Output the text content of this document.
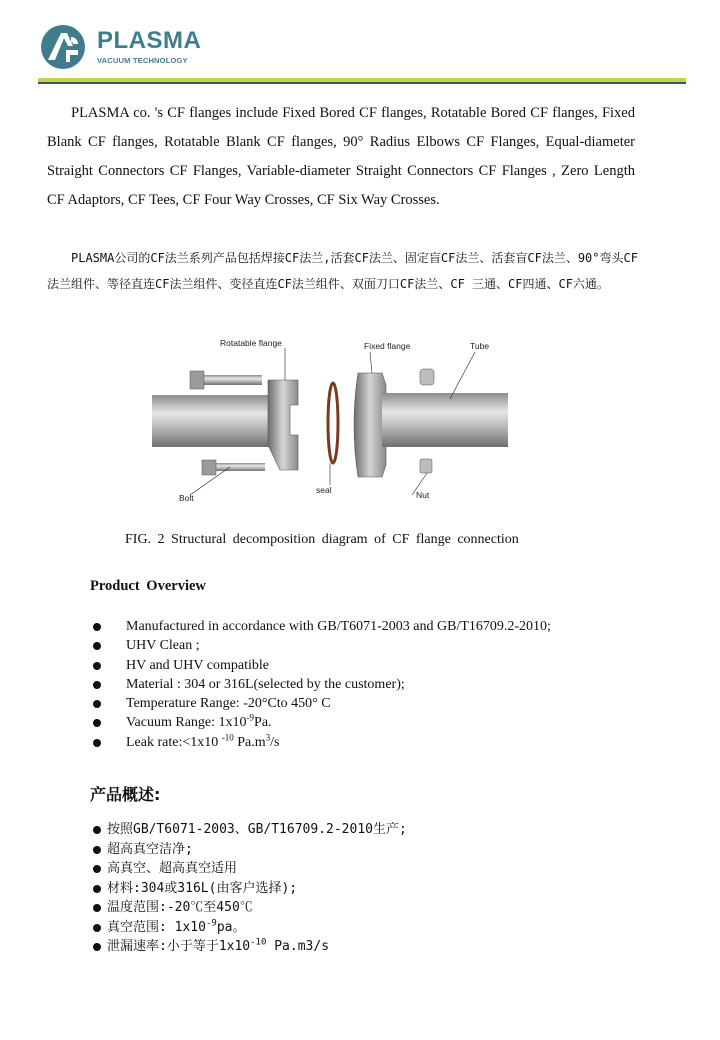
PLASMA
VACUUM TECHNOLOGY
PLASMA co. 's CF flanges include Fixed Bored CF flanges, Rotatable Bored CF flanges, Fixed Blank CF flanges, Rotatable Blank CF flanges, 90° Radius Elbows CF Flanges, Equal-diameter Straight Connectors CF Flanges, Variable-diameter Straight Connectors CF Flanges , Zero Length CF Adaptors, CF Tees, CF Four Way Crosses, CF Six Way Crosses.
PLASMA公司的CF法兰系列产品包括焊接CF法兰,活套CF法兰、固定盲CF法兰、活套盲CF法兰、90°弯头CF法兰组件、等径直连CF法兰组件、变径直连CF法兰组件、双面刀口CF法兰、CF 三通、CF四通、CF六通。
Rotatable flange	Fixed flange	Tube
Bolt
seal	Nut
FIG. 2 Structural decomposition diagram of CF flange connection
Product Overview
Manufactured in accordance with GB/T6071-2003 and GB/T16709.2-2010;
UHV Clean ;
HV and UHV compatible
Material : 304 or 316L(selected by the customer);
Temperature Range: -20°Cto 450° C
Vacuum Range: $1x10^{-9}Pa$.
Leak rate:<1x10 $^{-10}$ $Pa.m^3/s$
产品概述:
按照GB/T6071-2003、GB/T16709.2-2010生产;
超高真空洁净;
高真空、超高真空适用
材料:304或316L(由客户选择);
温度范围:-20℃至450℃
真空范围: $1x10^{-9}pa$。
泄漏速率:小于等于$1x10^{-10}$ Pa.m3/s
